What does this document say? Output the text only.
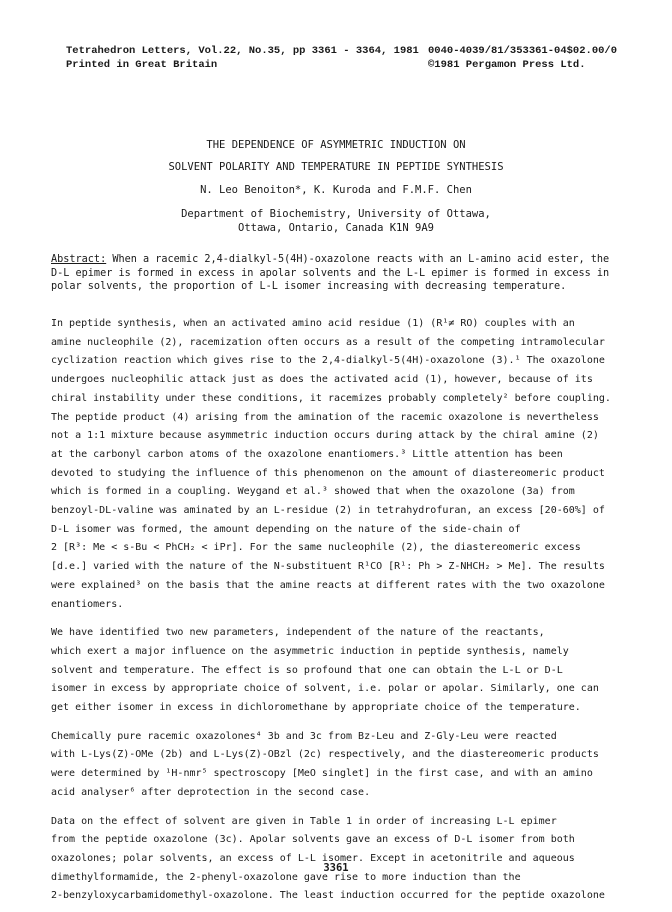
Tetrahedron Letters, Vol.22, No.35, pp 3361 - 3364, 1981
Printed in Great Britain
0040-4039/81/353361-04$02.00/0
©1981 Pergamon Press Ltd.
THE DEPENDENCE OF ASYMMETRIC INDUCTION ON
SOLVENT POLARITY AND TEMPERATURE IN PEPTIDE SYNTHESIS
N. Leo Benoiton*, K. Kuroda and F.M.F. Chen
Department of Biochemistry, University of Ottawa,
Ottawa, Ontario, Canada K1N 9A9
Abstract: When a racemic 2,4-dialkyl-5(4H)-oxazolone reacts with an L-amino acid ester, the
D-L epimer is formed in excess in apolar solvents and the L-L epimer is formed in excess in
polar solvents, the proportion of L-L isomer increasing with decreasing temperature.
In peptide synthesis, when an activated amino acid residue (1) (R¹≠ RO) couples with an
amine nucleophile (2), racemization often occurs as a result of the competing intramolecular
cyclization reaction which gives rise to the 2,4-dialkyl-5(4H)-oxazolone (3).¹ The oxazolone
undergoes nucleophilic attack just as does the activated acid (1), however, because of its
chiral instability under these conditions, it racemizes probably completely² before coupling.
The peptide product (4) arising from the amination of the racemic oxazolone is nevertheless
not a 1:1 mixture because asymmetric induction occurs during attack by the chiral amine (2)
at the carbonyl carbon atoms of the oxazolone enantiomers.³ Little attention has been
devoted to studying the influence of this phenomenon on the amount of diastereomeric product
which is formed in a coupling. Weygand et al.³ showed that when the oxazolone (3a) from
benzoyl-DL-valine was aminated by an L-residue (2) in tetrahydrofuran, an excess [20-60%] of
D-L isomer was formed, the amount depending on the nature of the side-chain of
2 [R³: Me < s-Bu < PhCH₂ < iPr]. For the same nucleophile (2), the diastereomeric excess
[d.e.] varied with the nature of the N-substituent R¹CO [R¹: Ph > Z-NHCH₂ > Me]. The results
were explained³ on the basis that the amine reacts at different rates with the two oxazolone
enantiomers.
We have identified two new parameters, independent of the nature of the reactants,
which exert a major influence on the asymmetric induction in peptide synthesis, namely
solvent and temperature. The effect is so profound that one can obtain the L-L or D-L
isomer in excess by appropriate choice of solvent, i.e. polar or apolar. Similarly, one can
get either isomer in excess in dichloromethane by appropriate choice of the temperature.
Chemically pure racemic oxazolones⁴ 3b and 3c from Bz-Leu and Z-Gly-Leu were reacted
with L-Lys(Z)-OMe (2b) and L-Lys(Z)-OBzl (2c) respectively, and the diastereomeric products
were determined by ¹H-nmr⁵ spectroscopy [MeO singlet] in the first case, and with an amino
acid analyser⁶ after deprotection in the second case.
Data on the effect of solvent are given in Table 1 in order of increasing L-L epimer
from the peptide oxazolone (3c). Apolar solvents gave an excess of D-L isomer from both
oxazolones; polar solvents, an excess of L-L isomer. Except in acetonitrile and aqueous
dimethylformamide, the 2-phenyl-oxazolone gave rise to more induction than the
2-benzyloxycarbamidomethyl-oxazolone. The least induction occurred for the peptide oxazolone
3361
